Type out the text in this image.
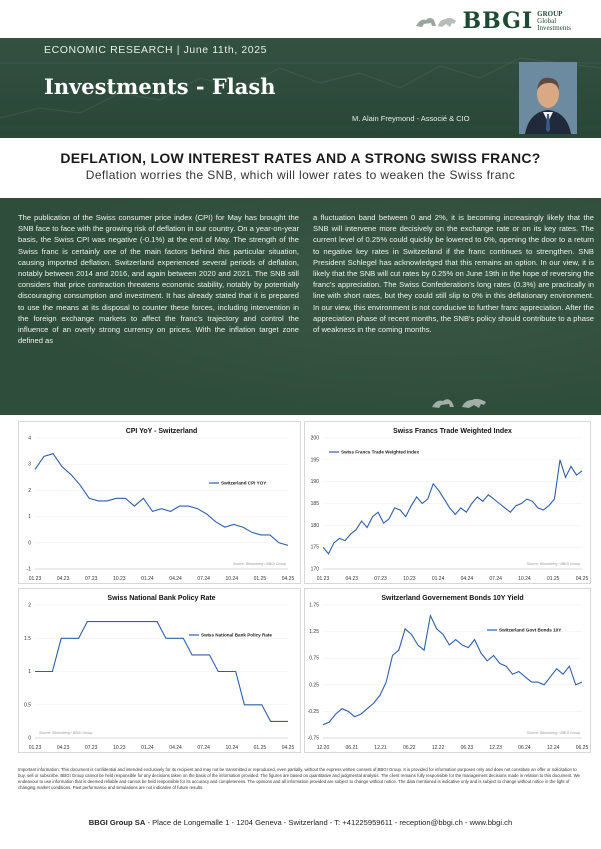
BBGI GROUP
Global
Investments
ECONOMIC RESEARCH | June 11th, 2025
Investments - Flash
M. Alain Freymond - Associé & CIO
DEFLATION, LOW INTEREST RATES AND A STRONG SWISS FRANC?
Deflation worries the SNB, which will lower rates to weaken the Swiss franc
The publication of the Swiss consumer price index (CPI) for May has brought the SNB face to face with the growing risk of deflation in our country. On a year-on-year basis, the Swiss CPI was negative (-0.1%) at the end of May. The strength of the Swiss franc is certainly one of the main factors behind this particular situation, causing imported deflation. Switzerland experienced several periods of deflation, notably between 2014 and 2016, and again between 2020 and 2021. The SNB still considers that price contraction threatens economic stability, notably by potentially discouraging consumption and investment. It has already stated that it is prepared to use the means at its disposal to counter these forces, including intervention in the foreign exchange markets to affect the franc's trajectory and control the influence of an overly strong currency on prices. With the inflation target zone defined as
a fluctuation band between 0 and 2%, it is becoming increasingly likely that the SNB will intervene more decisively on the exchange rate or on its key rates. The current level of 0.25% could quickly be lowered to 0%, opening the door to a return to negative key rates in Switzerland if the franc continues to strengthen. SNB President Schlegel has acknowledged that this remains an option. In our view, it is likely that the SNB will cut rates by 0.25% on June 19th in the hope of reversing the franc's appreciation. The Swiss Confederation's long rates (0.3%) are practically in line with short rates, but they could still slip to 0% in this deflationary environment. In our view, this environment is not conducive to further franc appreciation. After the appreciation phase of recent months, the SNB's policy should contribute to a phase of weakness in the coming months.
CPI YoY - Switzerland
4
3
2
1
0
-1
01.23	04.23	07.23	10.23	01.24	04.24	07.24	10.24	01.25	04.25
Switzerland CPI YOY
Source: Bloomberg / BBGI Group
Swiss Francs Trade Weighted Index
200
195
190
185
180
175
170
01.23	04.23	07.23	10.23	01.24	04.24	07.24	10.24	01.25	04.25
Swiss Francs Trade Weighted Index
Source: Bloomberg / BBGI Group
Swiss National Bank Policy Rate
2
1.5
1
0.5
0
01.23	04.23	07.23	10.23	01.24	04.24	07.24	10.24	01.25	04.25
Swiss National Bank Policy Rate
Source: Bloomberg / BBGI Group
Switzerland Governement Bonds 10Y Yield
1.75
1.25
0.75
0.25
-0.25
-0.75
12.20	06.21	12.21	06.22	12.22	06.23	12.23	06.24	12.24	06.25
Switzerland Govt Bonds 10Y
Source: Bloomberg / BBGI Group
Important information: This document is confidential and intended exclusively for its recipient and may not be transmitted or reproduced, even partially, without the express written consent of BBGI Group. It is provided for information purposes only and does not constitute an offer or solicitation to buy, sell or subscribe. BBGI Group cannot be held responsible for any decisions taken on the basis of the information provided. The figures are based on quantitative and judgmental analysis. The client remains fully responsible for the management decisions made in relation to this document. We endeavour to use information that is deemed reliable and cannot be held responsible for its accuracy and completeness. The opinions and all information provided are subject to change without notice. The data mentioned is indicative only and is subject to change without notice in the light of changing market conditions. Past performance and simulations are not indicative of future results.
BBGI Group SA - Place de Longemalle 1 - 1204 Geneva - Switzerland - T: +41225959611 - reception@bbgi.ch - www.bbgi.ch
